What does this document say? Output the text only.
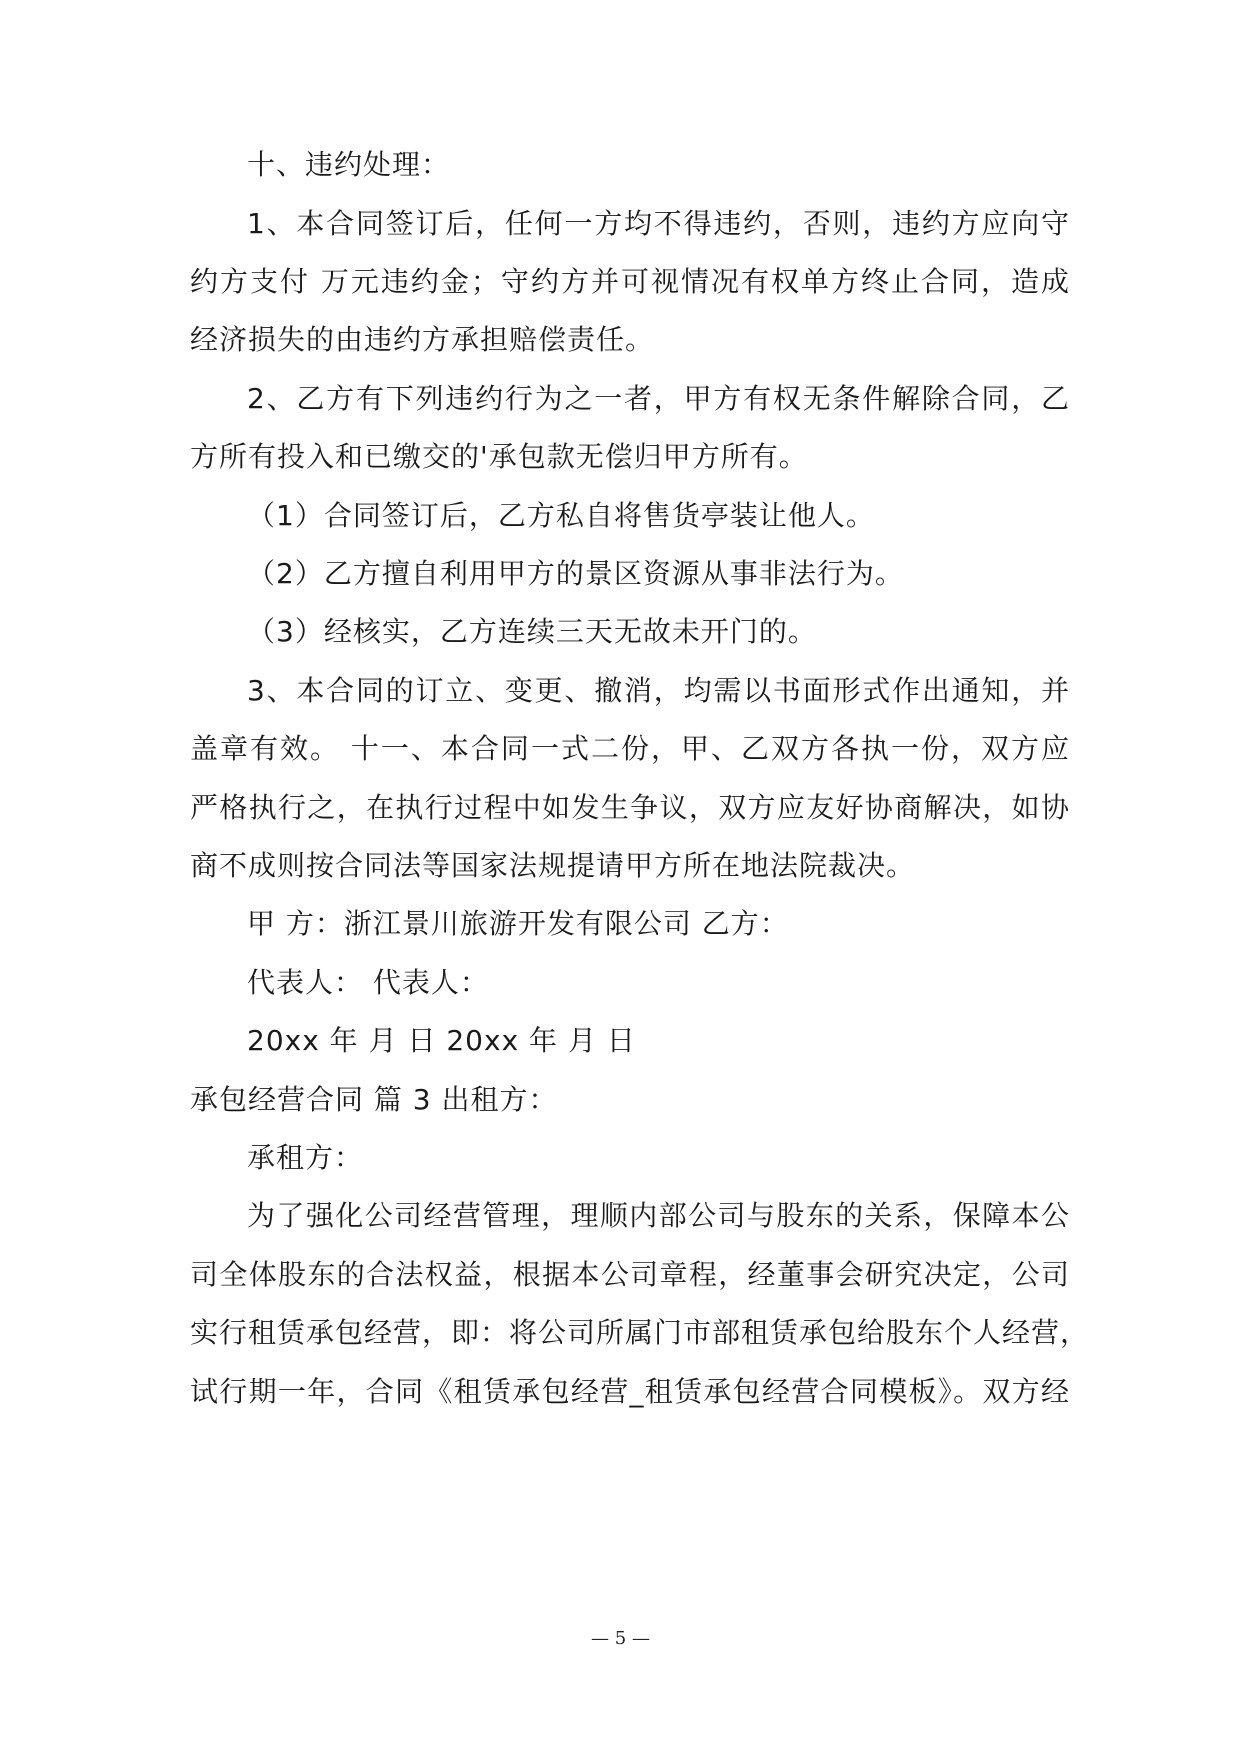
十、违约处理：
1、本合同签订后，任何一方均不得违约，否则，违约方应向守
约方支付 万元违约金；守约方并可视情况有权单方终止合同，造成
经济损失的由违约方承担赔偿责任。
2、乙方有下列违约行为之一者，甲方有权无条件解除合同，乙
方所有投入和已缴交的'承包款无偿归甲方所有。
（1）合同签订后，乙方私自将售货亭装让他人。
（2）乙方擅自利用甲方的景区资源从事非法行为。
（3）经核实，乙方连续三天无故未开门的。
3、本合同的订立、变更、撤消，均需以书面形式作出通知，并
盖章有效。 十一、本合同一式二份，甲、乙双方各执一份，双方应
严格执行之，在执行过程中如发生争议，双方应友好协商解决，如协
商不成则按合同法等国家法规提请甲方所在地法院裁决。
甲 方：浙江景川旅游开发有限公司 乙方：
代表人： 代表人：
20xx 年 月 日 20xx 年 月 日
承包经营合同 篇 3 出租方：
承租方：
为了强化公司经营管理，理顺内部公司与股东的关系，保障本公
司全体股东的合法权益，根据本公司章程，经董事会研究决定，公司
实行租赁承包经营，即：将公司所属门市部租赁承包给股东个人经营，
试行期一年，合同《租赁承包经营_租赁承包经营合同模板》。双方经
— 5 —
